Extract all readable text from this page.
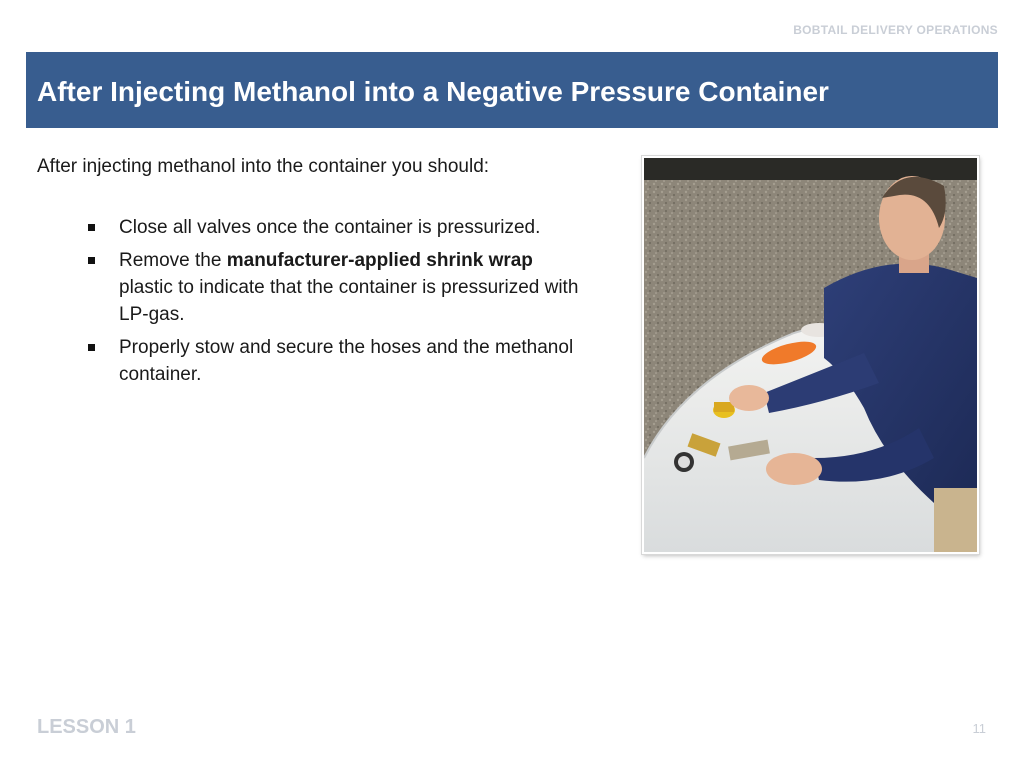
BOBTAIL DELIVERY OPERATIONS
After Injecting Methanol into a Negative Pressure Container
After injecting methanol into the container you should:
Close all valves once the container is pressurized.
Remove the manufacturer-applied shrink wrap plastic to indicate that the container is pressurized with LP-gas.
Properly stow and secure the hoses and the methanol container.
LESSON 1	11
